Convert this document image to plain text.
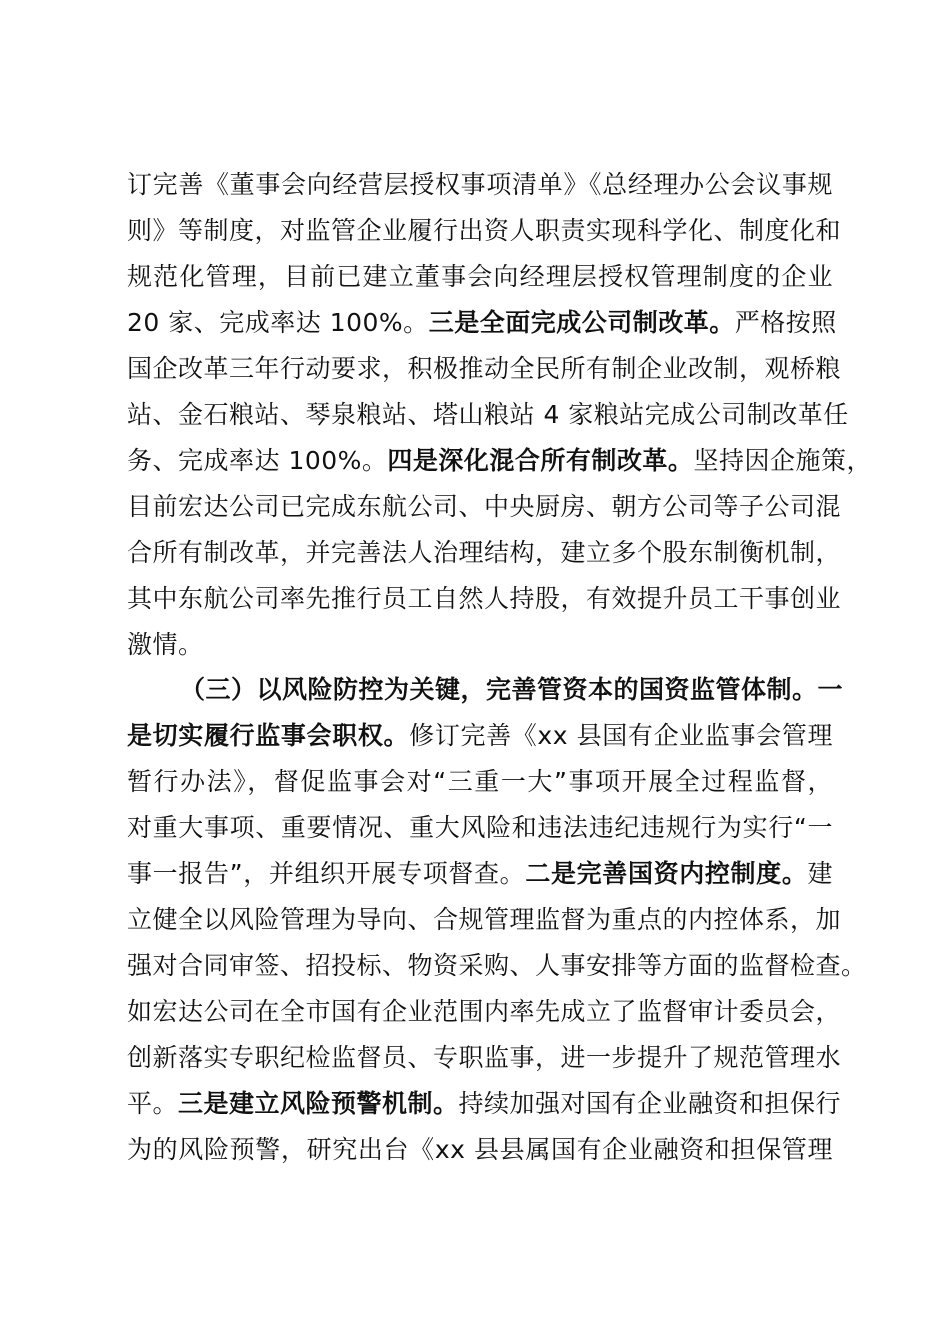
订完善《董事会向经营层授权事项清单》《总经理办公会议事规
则》等制度，对监管企业履行出资人职责实现科学化、制度化和
规范化管理，目前已建立董事会向经理层授权管理制度的企业
20 家、完成率达 100%。三是全面完成公司制改革。严格按照
国企改革三年行动要求，积极推动全民所有制企业改制，观桥粮
站、金石粮站、琴泉粮站、塔山粮站 4 家粮站完成公司制改革任
务、完成率达 100%。四是深化混合所有制改革。坚持因企施策，
目前宏达公司已完成东航公司、中央厨房、朝方公司等子公司混
合所有制改革，并完善法人治理结构，建立多个股东制衡机制，
其中东航公司率先推行员工自然人持股，有效提升员工干事创业
激情。
（三）以风险防控为关键，完善管资本的国资监管体制。一
是切实履行监事会职权。修订完善《xx 县国有企业监事会管理
暂行办法》，督促监事会对“三重一大”事项开展全过程监督，
对重大事项、重要情况、重大风险和违法违纪违规行为实行“一
事一报告”，并组织开展专项督查。二是完善国资内控制度。建
立健全以风险管理为导向、合规管理监督为重点的内控体系，加
强对合同审签、招投标、物资采购、人事安排等方面的监督检查。
如宏达公司在全市国有企业范围内率先成立了监督审计委员会，
创新落实专职纪检监督员、专职监事，进一步提升了规范管理水
平。三是建立风险预警机制。持续加强对国有企业融资和担保行
为的风险预警，研究出台《xx 县县属国有企业融资和担保管理
